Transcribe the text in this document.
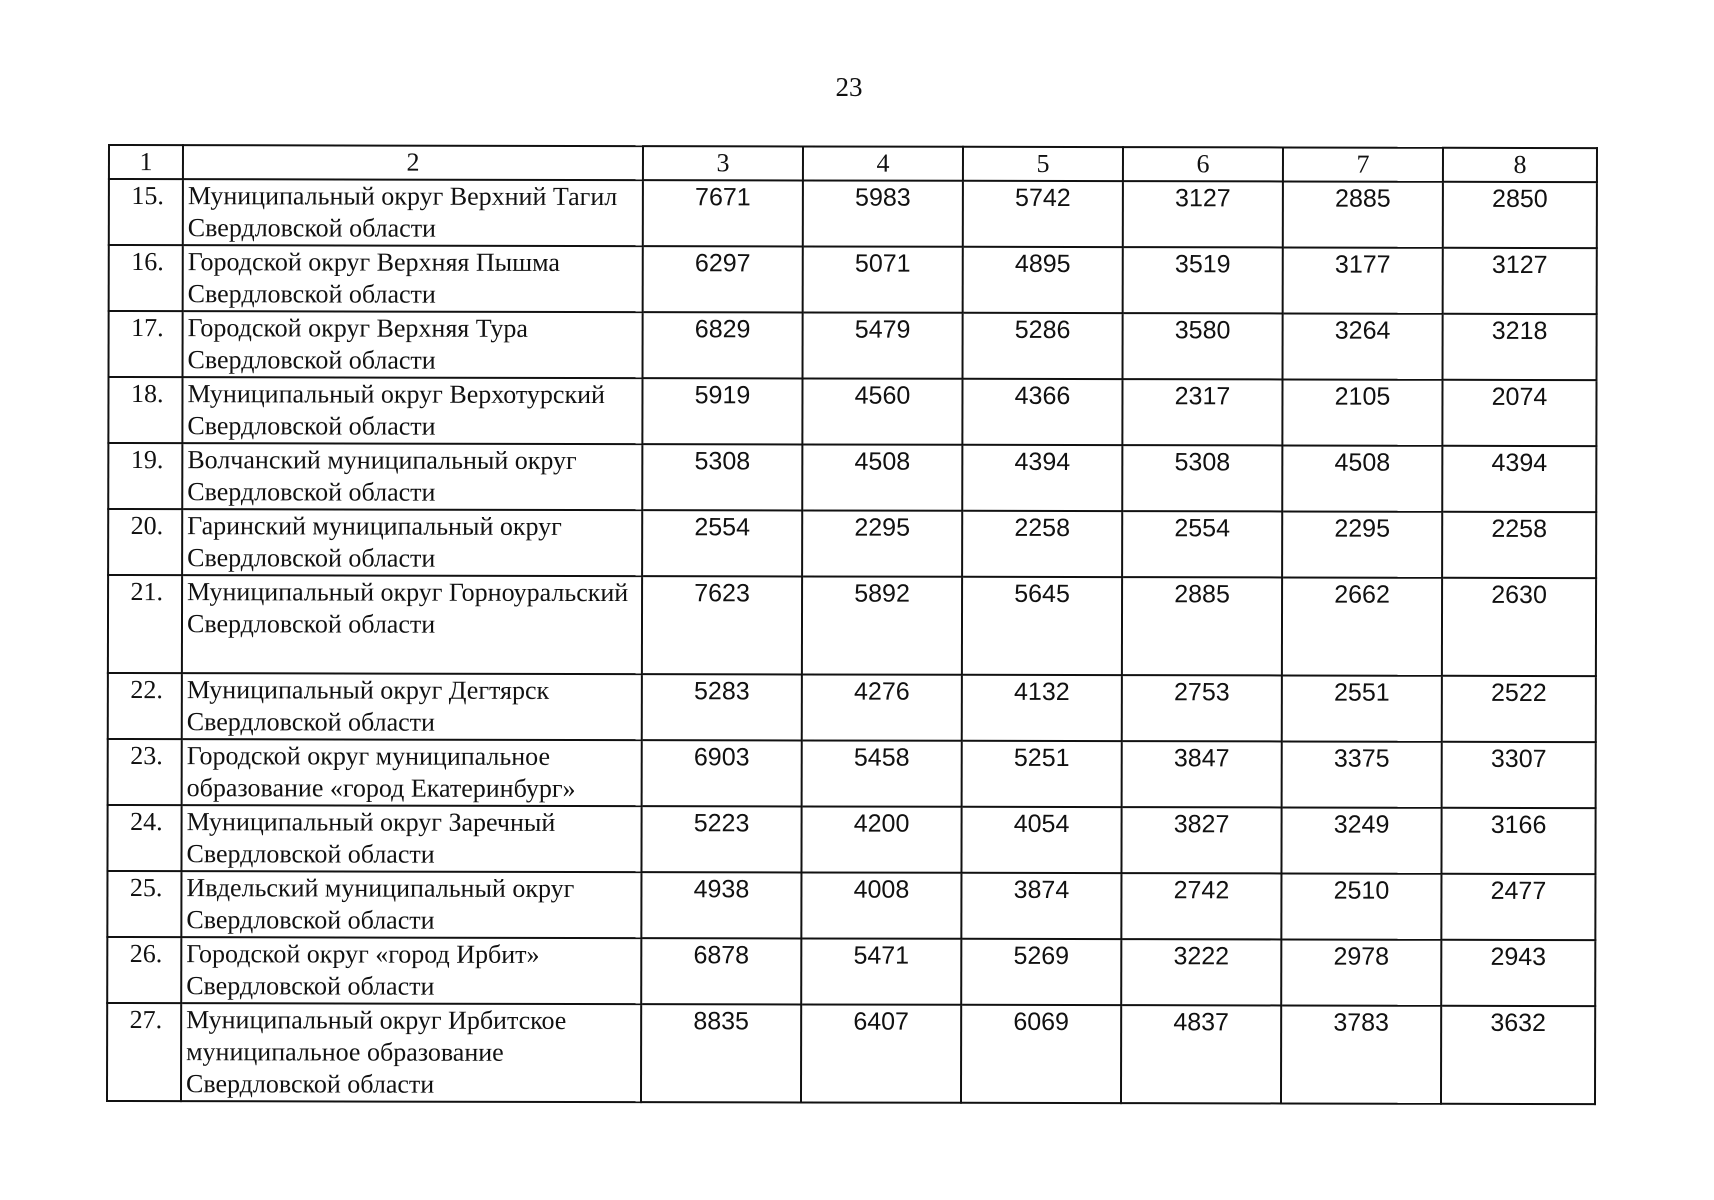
23
1	2	3	4	5	6	7	8
15.	Муниципальный округ Верхний Тагил Свердловской области	7671	5983	5742	3127	2885	2850
16.	Городской округ Верхняя Пышма Свердловской области	6297	5071	4895	3519	3177	3127
17.	Городской округ Верхняя Тура Свердловской области	6829	5479	5286	3580	3264	3218
18.	Муниципальный округ Верхотурский Свердловской области	5919	4560	4366	2317	2105	2074
19.	Волчанский муниципальный округ Свердловской области	5308	4508	4394	5308	4508	4394
20.	Гаринский муниципальный округ Свердловской области	2554	2295	2258	2554	2295	2258
21.	Муниципальный округ Горноуральский Свердловской области	7623	5892	5645	2885	2662	2630
22.	Муниципальный округ Дегтярск Свердловской области	5283	4276	4132	2753	2551	2522
23.	Городской округ муниципальное образование «город Екатеринбург»	6903	5458	5251	3847	3375	3307
24.	Муниципальный округ Заречный Свердловской области	5223	4200	4054	3827	3249	3166
25.	Ивдельский муниципальный округ Свердловской области	4938	4008	3874	2742	2510	2477
26.	Городской округ «город Ирбит» Свердловской области	6878	5471	5269	3222	2978	2943
27.	Муниципальный округ Ирбитское муниципальное образование Свердловской области	8835	6407	6069	4837	3783	3632
